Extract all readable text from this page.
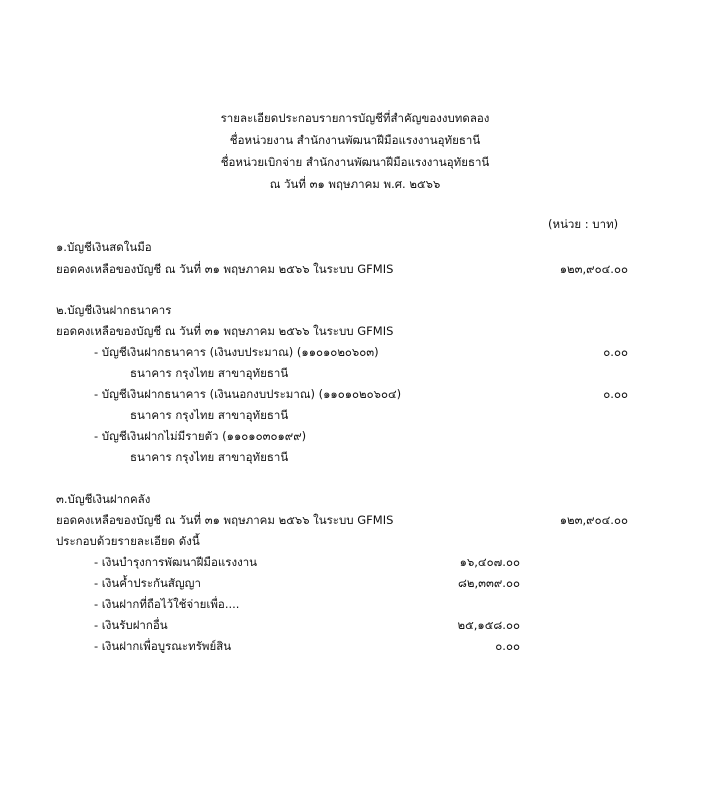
รายละเอียดประกอบรายการบัญชีที่สำคัญของงบทดลอง
ชื่อหน่วยงาน สำนักงานพัฒนาฝีมือแรงงานอุทัยธานี
ชื่อหน่วยเบิกจ่าย สำนักงานพัฒนาฝีมือแรงงานอุทัยธานี
ณ วันที่ ๓๑ พฤษภาคม พ.ศ. ๒๕๖๖
(หน่วย : บาท)
๑.บัญชีเงินสดในมือ
ยอดคงเหลือของบัญชี ณ วันที่ ๓๑ พฤษภาคม ๒๕๖๖ ในระบบ GFMIS	๑๒๓,๙๐๔.๐๐
๒.บัญชีเงินฝากธนาคาร
ยอดคงเหลือของบัญชี ณ วันที่ ๓๑ พฤษภาคม ๒๕๖๖ ในระบบ GFMIS
- บัญชีเงินฝากธนาคาร (เงินงบประมาณ) (๑๑๐๑๐๒๐๖๐๓)	๐.๐๐
ธนาคาร กรุงไทย สาขาอุทัยธานี
- บัญชีเงินฝากธนาคาร (เงินนอกงบประมาณ) (๑๑๐๑๐๒๐๖๐๔)	๐.๐๐
ธนาคาร กรุงไทย สาขาอุทัยธานี
- บัญชีเงินฝากไม่มีรายตัว (๑๑๐๑๐๓๐๑๙๙)
ธนาคาร กรุงไทย สาขาอุทัยธานี
๓.บัญชีเงินฝากคลัง
ยอดคงเหลือของบัญชี ณ วันที่ ๓๑ พฤษภาคม ๒๕๖๖ ในระบบ GFMIS	๑๒๓,๙๐๔.๐๐
ประกอบด้วยรายละเอียด ดังนี้
- เงินบำรุงการพัฒนาฝีมือแรงงาน	๑๖,๔๐๗.๐๐
- เงินค้ำประกันสัญญา	๘๒,๓๓๙.๐๐
- เงินฝากที่ถือไว้ใช้จ่ายเพื่อ....
- เงินรับฝากอื่น	๒๕,๑๕๘.๐๐
- เงินฝากเพื่อบูรณะทรัพย์สิน	๐.๐๐
